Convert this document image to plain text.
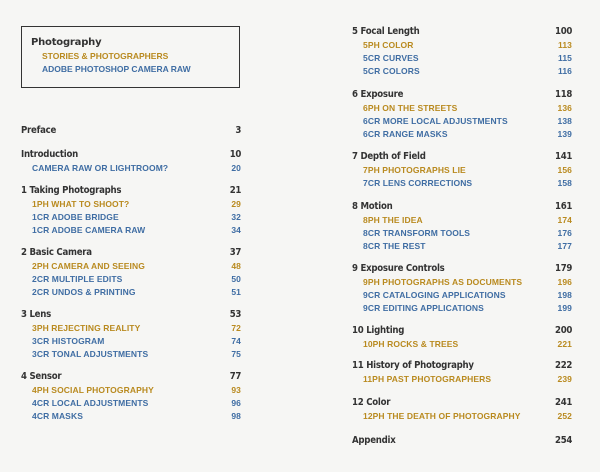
Photography
STORIES & PHOTOGRAPHERS
ADOBE PHOTOSHOP CAMERA RAW
Preface	3
Introduction	10
CAMERA RAW OR LIGHTROOM?	20
1 Taking Photographs	21
1PH WHAT TO SHOOT?	29
1CR ADOBE BRIDGE	32
1CR ADOBE CAMERA RAW	34
2 Basic Camera	37
2PH CAMERA AND SEEING	48
2CR MULTIPLE EDITS	50
2CR UNDOS & PRINTING	51
3 Lens	53
3PH REJECTING REALITY	72
3CR HISTOGRAM	74
3CR TONAL ADJUSTMENTS	75
4 Sensor	77
4PH SOCIAL PHOTOGRAPHY	93
4CR LOCAL ADJUSTMENTS	96
4CR MASKS	98
5 Focal Length	100
5PH COLOR	113
5CR CURVES	115
5CR COLORS	116
6 Exposure	118
6PH ON THE STREETS	136
6CR MORE LOCAL ADJUSTMENTS	138
6CR RANGE MASKS	139
7 Depth of Field	141
7PH PHOTOGRAPHS LIE	156
7CR LENS CORRECTIONS	158
8 Motion	161
8PH THE IDEA	174
8CR TRANSFORM TOOLS	176
8CR THE REST	177
9 Exposure Controls	179
9PH PHOTOGRAPHS AS DOCUMENTS	196
9CR CATALOGING APPLICATIONS	198
9CR EDITING APPLICATIONS	199
10 Lighting	200
10PH ROCKS & TREES	221
11 History of Photography	222
11PH PAST PHOTOGRAPHERS	239
12 Color	241
12PH THE DEATH OF PHOTOGRAPHY	252
Appendix	254
